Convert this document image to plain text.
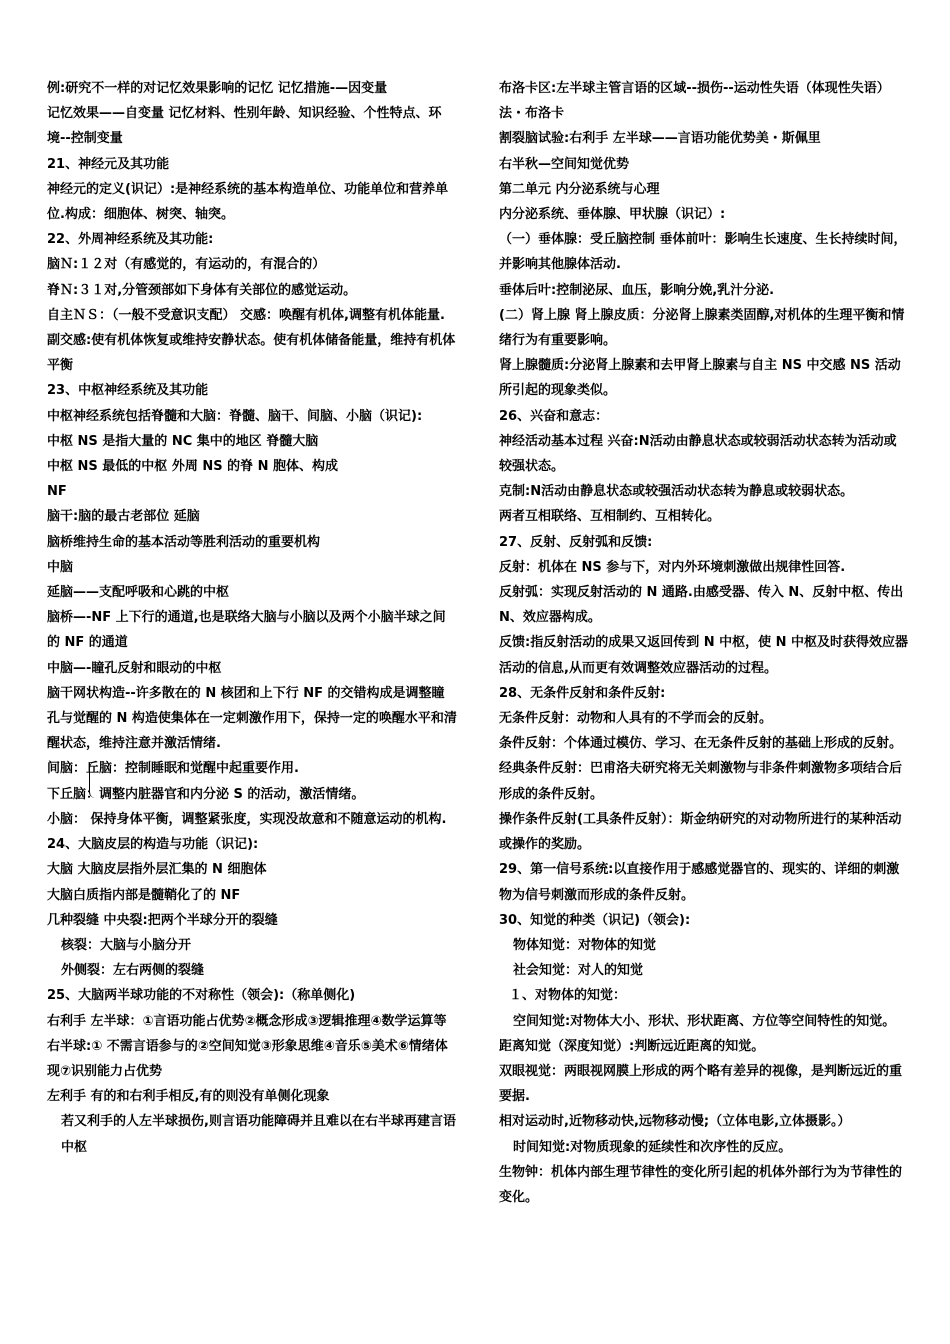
例:研究不一样的对记忆效果影响的记忆 记忆措施-—因变量

记忆效果——自变量 记忆材料、性别年龄、知识经验、个性特点、环境--控制变量

21、神经元及其功能

神经元的定义(识记）:是神经系统的基本构造单位、功能单位和营养单位.构成：细胞体、树突、轴突。

22、外周神经系统及其功能:

脑Ｎ:１２对（有感觉的，有运动的，有混合的）

脊Ｎ:３１对,分管颈部如下身体有关部位的感觉运动。

自主ＮＳ：（一般不受意识支配） 交感：唤醒有机体,调整有机体能量.

副交感:使有机体恢复或维持安静状态。使有机体储备能量，维持有机体平衡

23、中枢神经系统及其功能

中枢神经系统包括脊髓和大脑：脊髓、脑干、间脑、小脑（识记):

中枢 NS 是指大量的 NC 集中的地区 脊髓大脑

中枢 NS 最低的中枢 外周 NS 的脊 N 胞体、构成

NF

脑干:脑的最古老部位 延脑

脑桥维持生命的基本活动等胜利活动的重要机构

中脑

延脑——支配呼吸和心跳的中枢

脑桥—-NF 上下行的通道,也是联络大脑与小脑以及两个小脑半球之间的 NF 的通道

中脑—-瞳孔反射和眼动的中枢

脑干网状构造--许多散在的 N 核团和上下行 NF 的交错构成是调整瞳孔与觉醒的 N 构造使集体在一定刺激作用下，保持一定的唤醒水平和清醒状态，维持注意并激活情绪.

间脑：丘脑：控制睡眠和觉醒中起重要作用.

下丘脑：调整内脏器官和内分泌 S 的活动，激活情绪。

小脑： 保持身体平衡，调整紧张度，实现没故意和不随意运动的机构.

24、大脑皮层的构造与功能（识记):

大脑 大脑皮层指外层汇集的 N 细胞体

大脑白质指内部是髓鞘化了的 NF

几种裂缝 中央裂:把两个半球分开的裂缝

核裂：大脑与小脑分开

外侧裂：左右两侧的裂缝

25、大脑两半球功能的不对称性（领会):（称单侧化)

右利手 左半球：①言语功能占优势②概念形成③逻辑推理④数学运算等

右半球:① 不需言语参与的②空间知觉③形象思维④音乐⑤美术⑥情绪体现⑦识别能力占优势

左利手 有的和右利手相反,有的则没有单侧化现象

若又利手的人左半球损伤,则言语功能障碍并且难以在右半球再建言语中枢

布洛卡区:左半球主管言语的区域--损伤--运动性失语（体现性失语） 法・布洛卡

割裂脑试验:右利手 左半球——言语功能优势美・斯佩里

右半秋—空间知觉优势

第二单元 内分泌系统与心理

内分泌系统、垂体腺、甲状腺（识记）:

（一）垂体腺：受丘脑控制 垂体前叶：影响生长速度、生长持续时间，并影响其他腺体活动.

垂体后叶:控制泌尿、血压，影响分娩,乳汁分泌.

(二）肾上腺 肾上腺皮质：分泌肾上腺素类固醇,对机体的生理平衡和情绪行为有重要影响。

肾上腺髓质:分泌肾上腺素和去甲肾上腺素与自主 NS 中交感 NS 活动所引起的现象类似。

26、兴奋和意志：

神经活动基本过程 兴奋:N活动由静息状态或较弱活动状态转为活动或较强状态。

克制:N活动由静息状态或较强活动状态转为静息或较弱状态。

两者互相联络、互相制约、互相转化。

27、反射、反射弧和反馈:

反射：机体在 NS 参与下，对内外环境刺激做出规律性回答.

反射弧：实现反射活动的 N 通路.由感受器、传入 N、反射中枢、传出 N、效应器构成。

反馈:指反射活动的成果又返回传到 N 中枢，使 N 中枢及时获得效应器活动的信息,从而更有效调整效应器活动的过程。

28、无条件反射和条件反射:

无条件反射：动物和人具有的不学而会的反射。

条件反射：个体通过模仿、学习、在无条件反射的基础上形成的反射。

经典条件反射：巴甫洛夫研究将无关刺激物与非条件刺激物多项结合后形成的条件反射。

操作条件反射(工具条件反射）：斯金纳研究的对动物所进行的某种活动或操作的奖励。

29、第一信号系统:以直接作用于感感觉器官的、现实的、详细的刺激物为信号刺激而形成的条件反射。

30、知觉的种类（识记)（领会):

物体知觉：对物体的知觉

社会知觉：对人的知觉

１、对物体的知觉：

空间知觉:对物体大小、形状、形状距离、方位等空间特性的知觉。

距离知觉（深度知觉）:判断远近距离的知觉。

双眼视觉：两眼视网膜上形成的两个略有差异的视像，是判断远近的重要据.

相对运动时,近物移动快,远物移动慢;（立体电影,立体摄影。）

时间知觉:对物质现象的延续性和次序性的反应。

生物钟：机体内部生理节律性的变化所引起的机体外部行为为节律性的变化。
